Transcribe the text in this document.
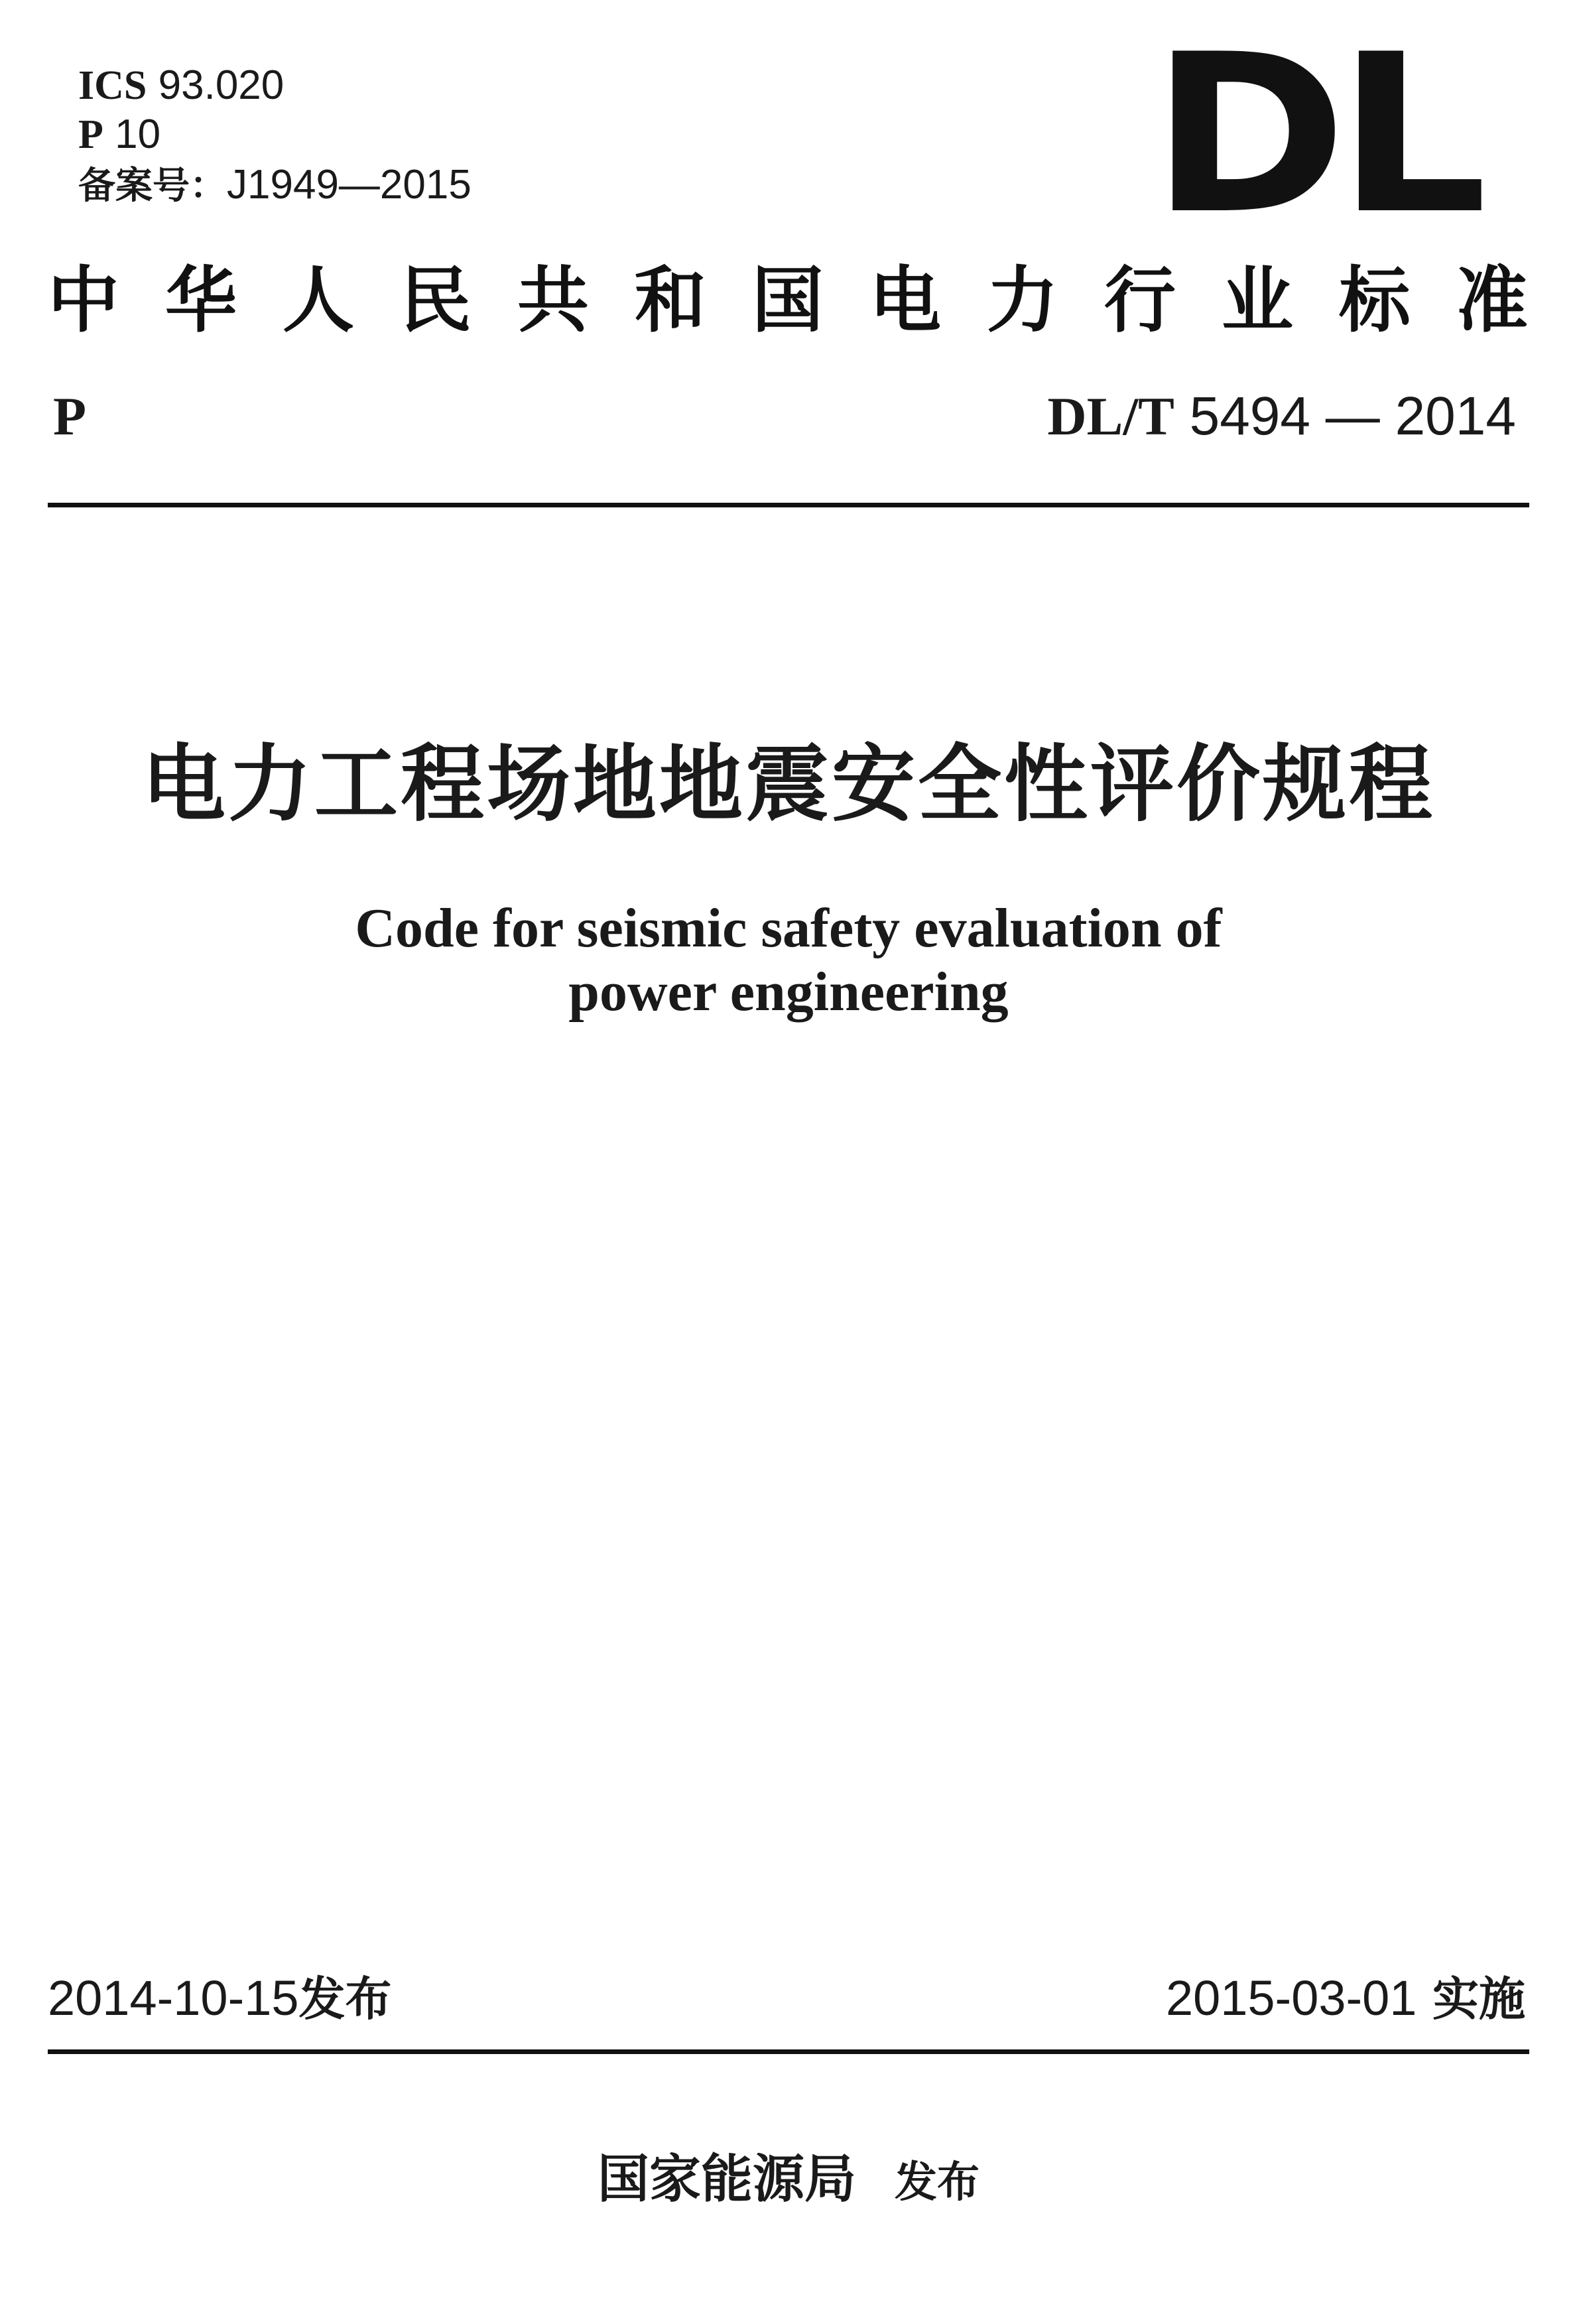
ICS 93.020
P 10
备案号：J1949—2015	DL
中 华 人 民 共 和 国 电 力 行 业 标 准
P	DL/T 5494 — 2014
电力工程场地地震安全性评价规程
Code for seismic safety evaluation of
power engineering
2014-10-15发布	2015-03-01 实施
国家能源局 发布
